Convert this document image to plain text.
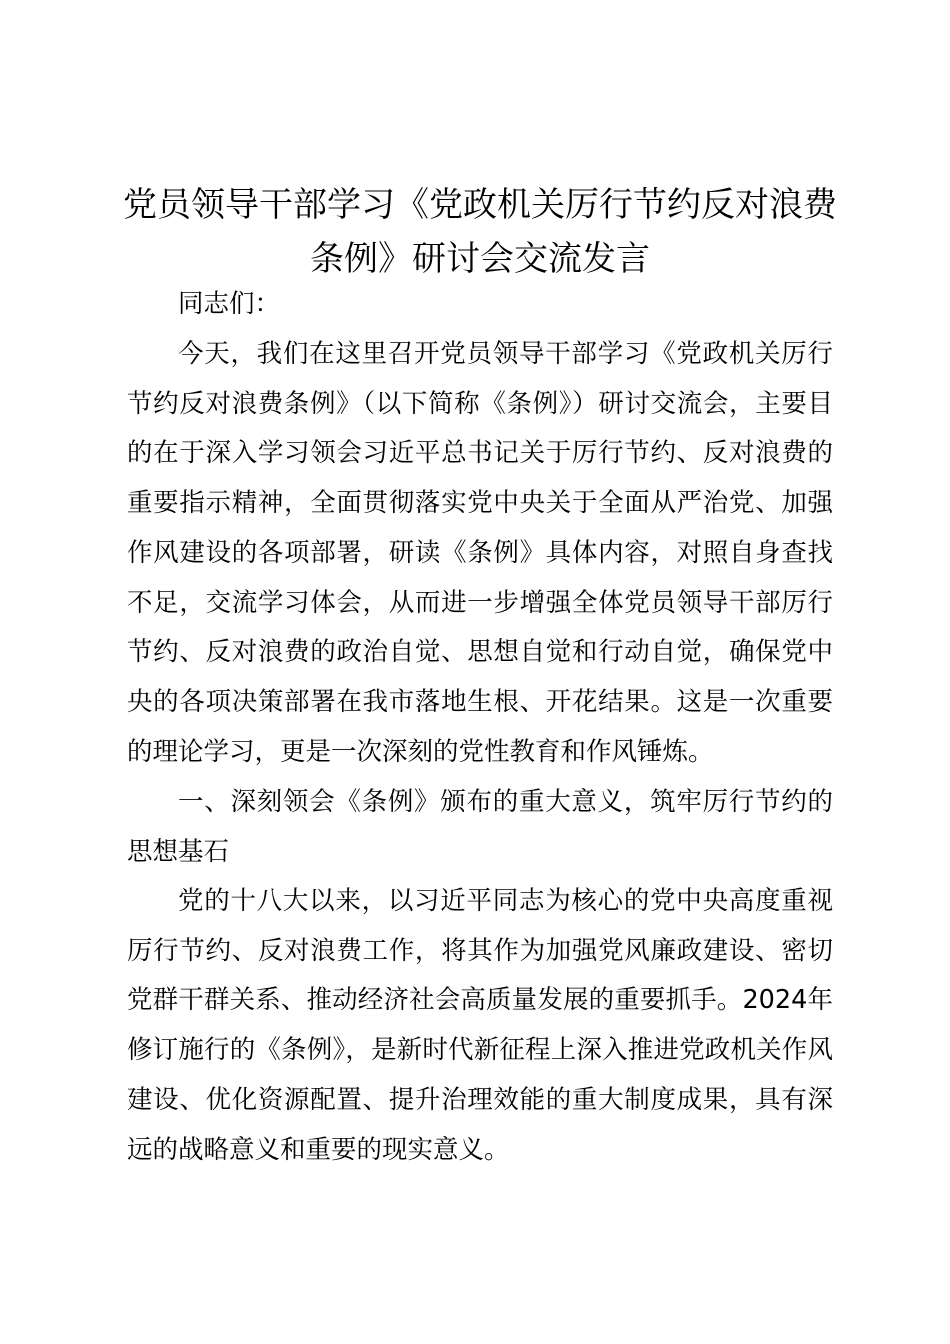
党员领导干部学习《党政机关厉行节约反对浪费条例》研讨会交流发言

同志们：

今天，我们在这里召开党员领导干部学习《党政机关厉行节约反对浪费条例》（以下简称《条例》）研讨交流会，主要目的在于深入学习领会习近平总书记关于厉行节约、反对浪费的重要指示精神，全面贯彻落实党中央关于全面从严治党、加强作风建设的各项部署，研读《条例》具体内容，对照自身查找不足，交流学习体会，从而进一步增强全体党员领导干部厉行节约、反对浪费的政治自觉、思想自觉和行动自觉，确保党中央的各项决策部署在我市落地生根、开花结果。这是一次重要的理论学习，更是一次深刻的党性教育和作风锤炼。

一、深刻领会《条例》颁布的重大意义，筑牢厉行节约的思想基石

党的十八大以来，以习近平同志为核心的党中央高度重视厉行节约、反对浪费工作，将其作为加强党风廉政建设、密切党群干群关系、推动经济社会高质量发展的重要抓手。2024年修订施行的《条例》，是新时代新征程上深入推进党政机关作风建设、优化资源配置、提升治理效能的重大制度成果，具有深远的战略意义和重要的现实意义。
